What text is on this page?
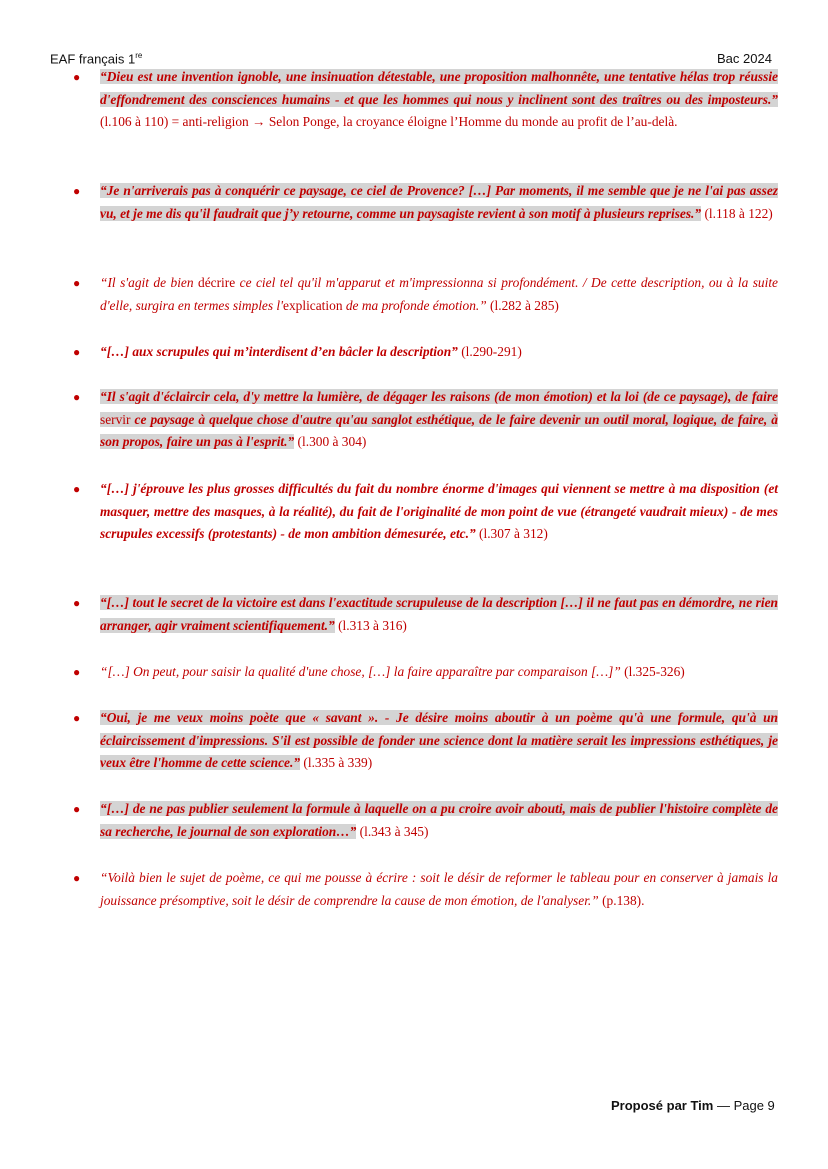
EAF français 1re	Bac 2024
● “Dieu est une invention ignoble, une insinuation détestable, une proposition malhonnête, une tentative hélas trop réussie d'effondrement des consciences humains - et que les hommes qui nous y inclinent sont des traîtres ou des imposteurs.” (l.106 à 110) = anti-religion → Selon Ponge, la croyance éloigne l’Homme du monde au profit de l’au-delà.
● “Je n'arriverais pas à conquérir ce paysage, ce ciel de Provence? […] Par moments, il me semble que je ne l'ai pas assez vu, et je me dis qu'il faudrait que j’y retourne, comme un paysagiste revient à son motif à plusieurs reprises.” (l.118 à 122)
● “Il s'agit de bien décrire ce ciel tel qu'il m'apparut et m'impressionna si profondément. / De cette description, ou à la suite d'elle, surgira en termes simples l'explication de ma profonde émotion.” (l.282 à 285)
● “[…] aux scrupules qui m’interdisent d’en bâcler la description” (l.290-291)
● “Il s'agit d'éclaircir cela, d'y mettre la lumière, de dégager les raisons (de mon émotion) et la loi (de ce paysage), de faire servir ce paysage à quelque chose d'autre qu'au sanglot esthétique, de le faire devenir un outil moral, logique, de faire, à son propos, faire un pas à l'esprit.” (l.300 à 304)
● “[…] j'éprouve les plus grosses difficultés du fait du nombre énorme d'images qui viennent se mettre à ma disposition (et masquer, mettre des masques, à la réalité), du fait de l'originalité de mon point de vue (étrangeté vaudrait mieux) - de mes scrupules excessifs (protestants) - de mon ambition démesurée, etc.” (l.307 à 312)
● “[…] tout le secret de la victoire est dans l'exactitude scrupuleuse de la description […] il ne faut pas en démordre, ne rien arranger, agir vraiment scientifiquement.” (l.313 à 316)
● “[…] On peut, pour saisir la qualité d'une chose, […] la faire apparaître par comparaison […]” (l.325-326)
● “Oui, je me veux moins poète que « savant ». - Je désire moins aboutir à un poème qu'à une formule, qu'à un éclaircissement d'impressions. S'il est possible de fonder une science dont la matière serait les impressions esthétiques, je veux être l'homme de cette science.” (l.335 à 339)
● “[…] de ne pas publier seulement la formule à laquelle on a pu croire avoir abouti, mais de publier l'histoire complète de sa recherche, le journal de son exploration…” (l.343 à 345)
● “Voilà bien le sujet de poème, ce qui me pousse à écrire : soit le désir de reformer le tableau pour en conserver à jamais la jouissance présomptive, soit le désir de comprendre la cause de mon émotion, de l'analyser.” (p.138).
Proposé par Tim — Page 9
